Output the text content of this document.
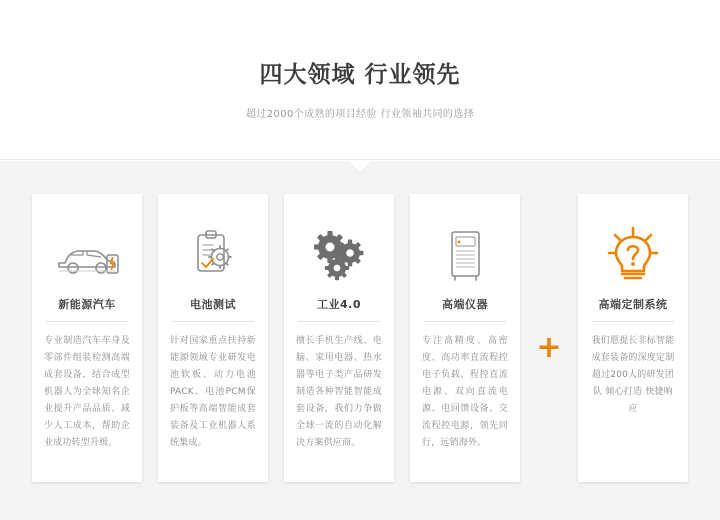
四大领域 行业领先
超过2000个成熟的项目经验 行业领袖共同的选择
新能源汽车
专业制造汽车车身及零部件组装检测高端成套设备，结合成型机器人为全球知名企业提升产品品质、减少人工成本，帮助企业成功转型升级。
电池测试
针对国家重点扶持新能源领域专业研发电池软板、动力电池PACK、电池PCM保护板等高端智能成套装备及工业机器人系统集成。
工业4.0
擅长手机生产线、电脑、家用电器、热水器等电子类产品研发制造各种智能智能成套设备，我们力争做全球一流的自动化解决方案供应商。
高端仪器
专注高精度、高密度、高功率直流程控电子负载、程控直流电源、双向直流电源、电回馈设备、交流程控电源，领先同行，远销海外。
+
高端定制系统
我们愿提长非标智能成套装备的深度定制 超过200人的研发团队 倾心打造 快捷响应
